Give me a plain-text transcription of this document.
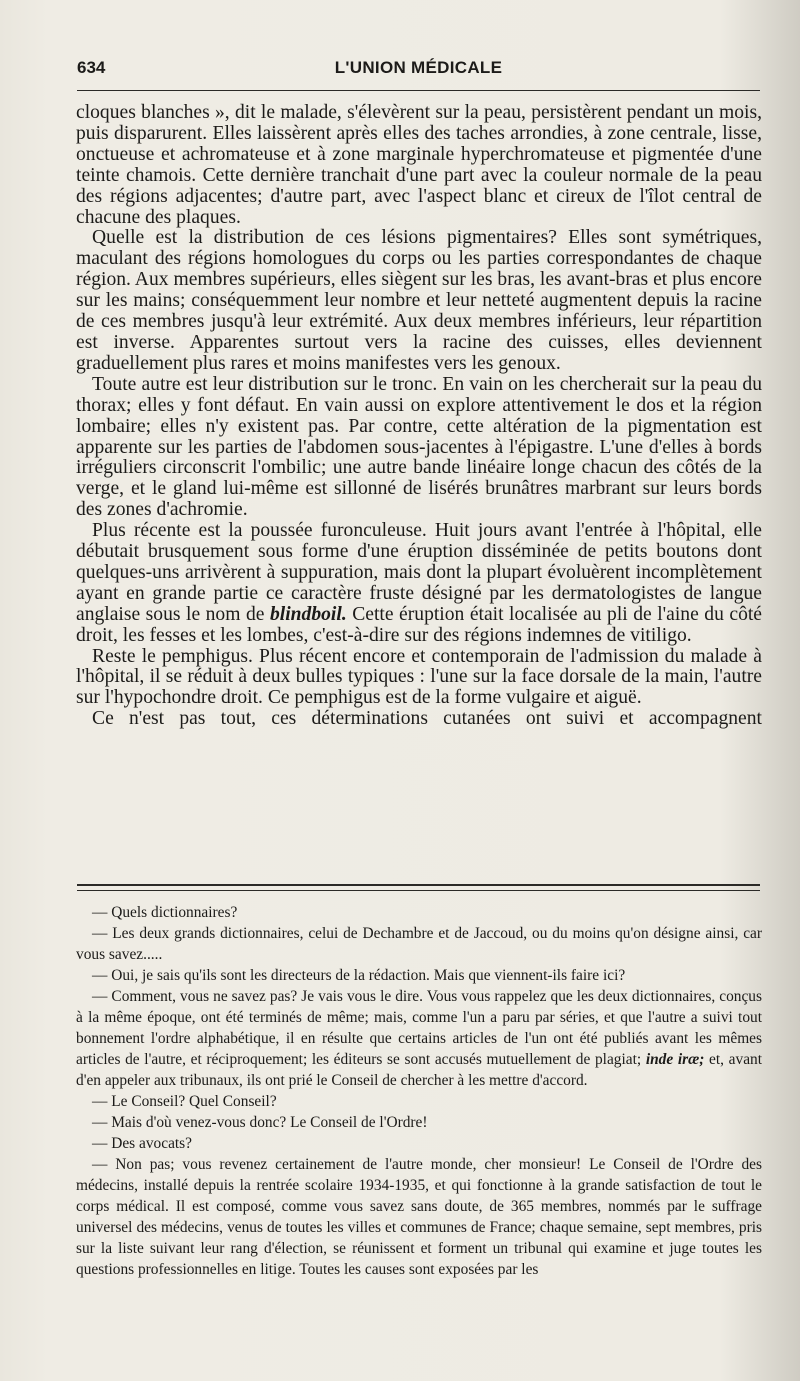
634	L'UNION MÉDICALE

cloques blanches », dit le malade, s'élevèrent sur la peau, persistèrent pendant un mois, puis disparurent. Elles laissèrent après elles des taches arrondies, à zone centrale, lisse, onctueuse et achromateuse et à zone marginale hyperchromateuse et pigmentée d'une teinte chamois. Cette dernière tranchait d'une part avec la couleur normale de la peau des régions adjacentes; d'autre part, avec l'aspect blanc et cireux de l'îlot central de chacune des plaques.

Quelle est la distribution de ces lésions pigmentaires? Elles sont symétriques, maculant des régions homologues du corps ou les parties correspondantes de chaque région. Aux membres supérieurs, elles siègent sur les bras, les avant-bras et plus encore sur les mains; conséquemment leur nombre et leur netteté augmentent depuis la racine de ces membres jusqu'à leur extrémité. Aux deux membres inférieurs, leur répartition est inverse. Apparentes surtout vers la racine des cuisses, elles deviennent graduellement plus rares et moins manifestes vers les genoux.

Toute autre est leur distribution sur le tronc. En vain on les chercherait sur la peau du thorax; elles y font défaut. En vain aussi on explore attentivement le dos et la région lombaire; elles n'y existent pas. Par contre, cette altération de la pigmentation est apparente sur les parties de l'abdomen sous-jacentes à l'épigastre. L'une d'elles à bords irréguliers circonscrit l'ombilic; une autre bande linéaire longe chacun des côtés de la verge, et le gland lui-même est sillonné de lisérés brunâtres marbrant sur leurs bords des zones d'achromie.

Plus récente est la poussée furonculeuse. Huit jours avant l'entrée à l'hôpital, elle débutait brusquement sous forme d'une éruption disséminée de petits boutons dont quelques-uns arrivèrent à suppuration, mais dont la plupart évoluèrent incomplètement ayant en grande partie ce caractère fruste désigné par les dermatologistes de langue anglaise sous le nom de blindboil. Cette éruption était localisée au pli de l'aine du côté droit, les fesses et les lombes, c'est-à-dire sur des régions indemnes de vitiligo.

Reste le pemphigus. Plus récent encore et contemporain de l'admission du malade à l'hôpital, il se réduit à deux bulles typiques : l'une sur la face dorsale de la main, l'autre sur l'hypochondre droit. Ce pemphigus est de la forme vulgaire et aiguë.

Ce n'est pas tout, ces déterminations cutanées ont suivi et accompagnent

— Quels dictionnaires?

— Les deux grands dictionnaires, celui de Dechambre et de Jaccoud, ou du moins qu'on désigne ainsi, car vous savez.....

— Oui, je sais qu'ils sont les directeurs de la rédaction. Mais que viennent-ils faire ici?

— Comment, vous ne savez pas? Je vais vous le dire. Vous vous rappelez que les deux dictionnaires, conçus à la même époque, ont été terminés de même; mais, comme l'un a paru par séries, et que l'autre a suivi tout bonnement l'ordre alphabétique, il en résulte que certains articles de l'un ont été publiés avant les mêmes articles de l'autre, et réciproquement; les éditeurs se sont accusés mutuellement de plagiat; inde iræ; et, avant d'en appeler aux tribunaux, ils ont prié le Conseil de chercher à les mettre d'accord.

— Le Conseil? Quel Conseil?

— Mais d'où venez-vous donc? Le Conseil de l'Ordre!

— Des avocats?

— Non pas; vous revenez certainement de l'autre monde, cher monsieur! Le Conseil de l'Ordre des médecins, installé depuis la rentrée scolaire 1934-1935, et qui fonctionne à la grande satisfaction de tout le corps médical. Il est composé, comme vous savez sans doute, de 365 membres, nommés par le suffrage universel des médecins, venus de toutes les villes et communes de France; chaque semaine, sept membres, pris sur la liste suivant leur rang d'élection, se réunissent et forment un tribunal qui examine et juge toutes les questions professionnelles en litige. Toutes les causes sont exposées par les
